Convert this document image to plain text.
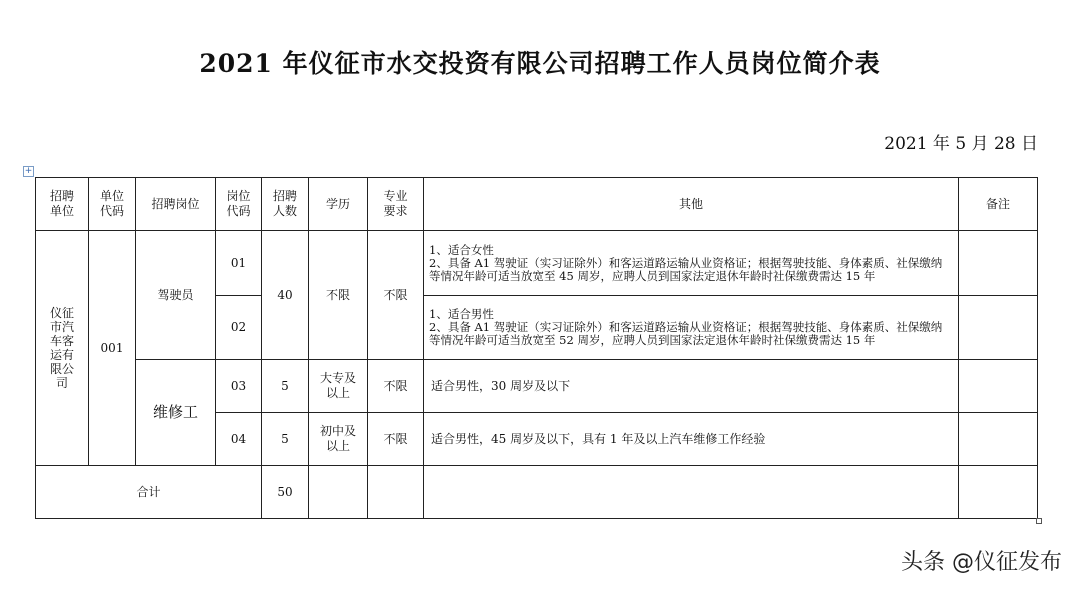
2021 年仪征市水交投资有限公司招聘工作人员岗位简介表
2021 年 5 月 28 日
+
招聘单位	单位代码	招聘岗位	岗位代码	招聘人数	学历	专业要求	其他	备注

仪征市汽车客运有限公司	001	驾驶员	01	40	不限	不限	1、适合女性
2、具备 A1 驾驶证（实习证除外）和客运道路运输从业资格证；根据驾驶技能、身体素质、社保缴纳等情况年龄可适当放宽至 45 周岁，应聘人员到国家法定退休年龄时社保缴费需达 15 年	

			02				1、适合男性
2、具备 A1 驾驶证（实习证除外）和客运道路运输从业资格证；根据驾驶技能、身体素质、社保缴纳等情况年龄可适当放宽至 52 周岁，应聘人员到国家法定退休年龄时社保缴费需达 15 年	

		维修工	03	5	大专及以上	不限	适合男性，30 周岁及以下	
			04	5	初中及以上	不限	适合男性，45 周岁及以下，具有 1 年及以上汽车维修工作经验	
合计				50				
头条 @仪征发布
